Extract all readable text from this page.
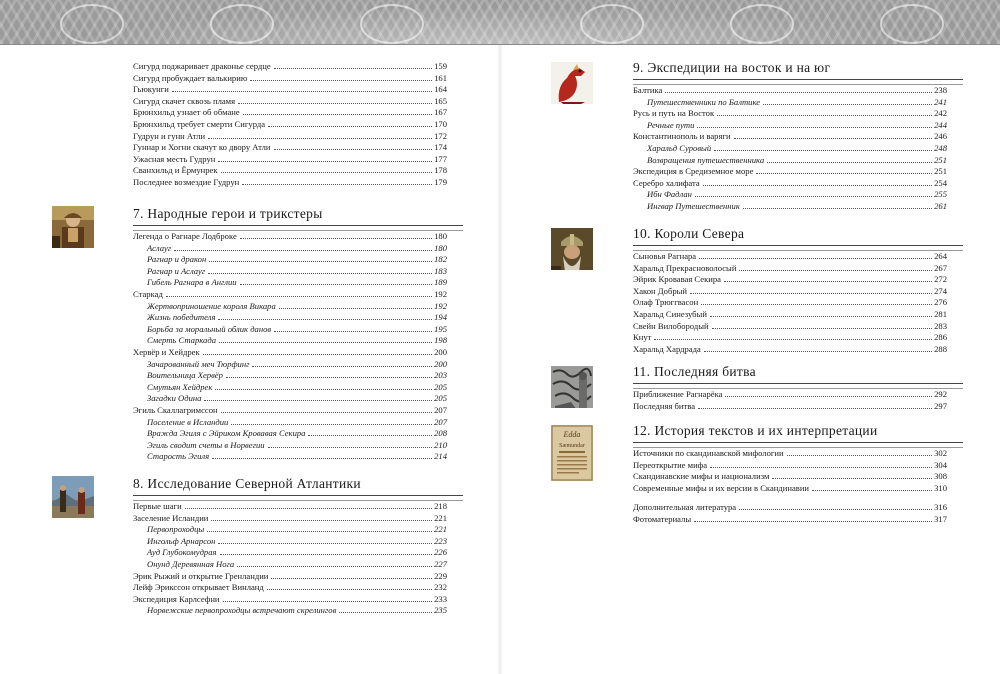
Сигурд поджаривает драконье сердце	159
Сигурд пробуждает валькирию	161
Гьюкунги	164
Сигурд скачет сквозь пламя	165
Брюнхильд узнает об обмане	167
Брюнхильд требует смерти Сигурда	170
Гудрун и гунн Атли	172
Гуннар и Хогни скачут ко двору Атли	174
Ужасная месть Гудрун	177
Сванхильд и Ёрмунрек	178
Последнее возмездие Гудрун	179
7. Народные герои и трикстеры
Легенда о Рагнаре Лодброке	180
Аслауг	180
Рагнар и дракон	182
Рагнар и Аслауг	183
Гибель Рагнара в Англии	189
Старкад	192
Жертвоприношение короля Викара	192
Жизнь победителя	194
Борьба за моральный облик данов	195
Смерть Старкада	198
Хервёр и Хейдрек	200
Зачарованный меч Тюрфинг	200
Воительница Хервёр	203
Смутьян Хейдрек	205
Загадки Одина	205
Эгиль Скаллагримссон	207
Поселение в Исландии	207
Вражда Эгиля с Эйриком Кровавая Секира	208
Эгиль сводит счеты в Норвегии	210
Старость Эгиля	214
8. Исследование Северной Атлантики
Первые шаги	218
Заселение Исландии	221
Первопроходцы	221
Ингольф Арнарсон	223
Ауд Глубокомудрая	226
Онунд Деревянная Нога	227
Эрик Рыжий и открытие Гренландии	229
Лейф Эрикссон открывает Винланд	232
Экспедиция Карлсефни	233
Норвежские первопроходцы встречают скрелингов	235
9. Экспедиции на восток и на юг
Балтика	238
Путешественники по Балтике	241
Русь и путь на Восток	242
Речные пути	244
Константинополь и варяги	246
Харальд Суровый	248
Возвращения путешественника	251
Экспедиция в Средиземное море	251
Серебро халифата	254
Ибн Фадлан	255
Ингвар Путешественник	261
10. Короли Севера
Сыновья Рагнара	264
Харальд Прекрасноволосый	267
Эйрик Кровавая Секира	272
Хакон Добрый	274
Олаф Трюггвасон	276
Харальд Синезубый	281
Свейн Вилобородый	283
Кнут	286
Харальд Хардрада	288
11. Последняя битва
Приближение Рагнарёка	292
Последняя битва	297
Edda
Sæmundar
12. История текстов и их интерпретации
Источники по скандинавской мифологии	302
Переоткрытие мифа	304
Скандинавские мифы и национализм	308
Современные мифы и их версии в Скандинавии	310
Дополнительная литература	316
Фотоматериалы	317
